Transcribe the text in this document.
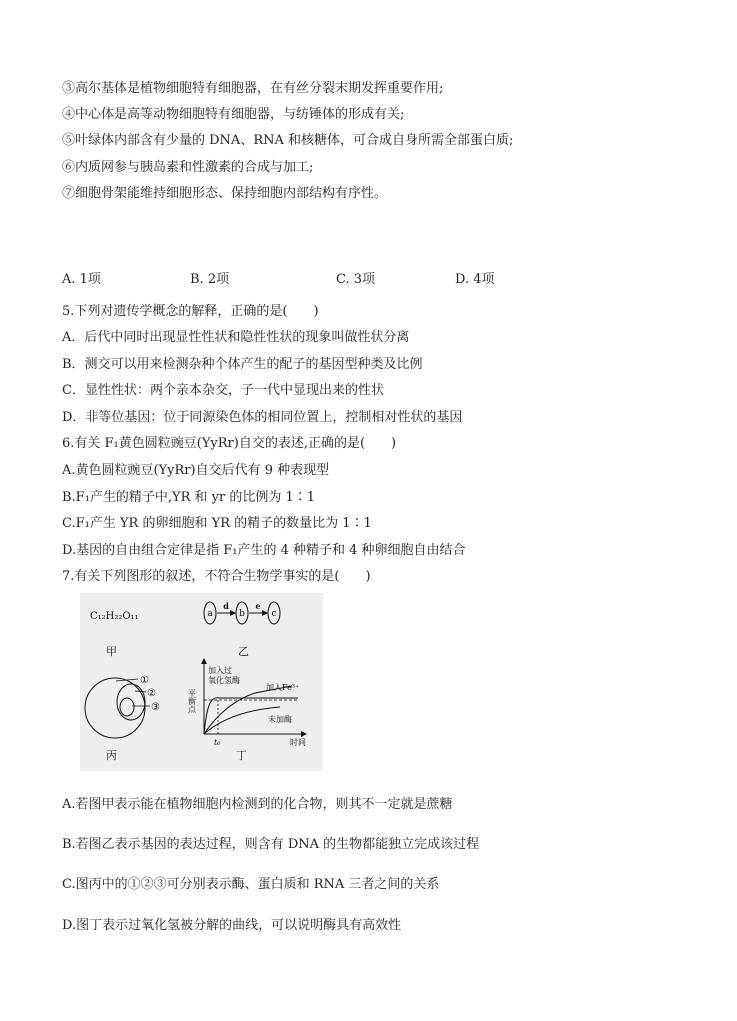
③高尔基体是植物细胞特有细胞器，在有丝分裂末期发挥重要作用;
④中心体是高等动物细胞特有细胞器，与纺锤体的形成有关;
⑤叶绿体内部含有少量的 DNA、RNA 和核糖体，可合成自身所需全部蛋白质;
⑥内质网参与胰岛素和性激素的合成与加工;
⑦细胞骨架能维持细胞形态、保持细胞内部结构有序性。
A. 1项	B. 2项	C. 3项	D. 4项
5.下列对遗传学概念的解释，正确的是(　　)
A．后代中同时出现显性性状和隐性性状的现象叫做性状分离
B．测交可以用来检测杂种个体产生的配子的基因型种类及比例
C．显性性状：两个亲本杂交，子一代中显现出来的性状
D．非等位基因：位于同源染色体的相同位置上，控制相对性状的基因
6.有关 F₁黄色圆粒豌豆(YyRr)自交的表述,正确的是(　　)
A.黄色圆粒豌豆(YyRr)自交后代有 9 种表现型
B.F₁产生的精子中,YR 和 yr 的比例为 1∶1
C.F₁产生 YR 的卵细胞和 YR 的精子的数量比为 1∶1
D.基因的自由组合定律是指 F₁产生的 4 种精子和 4 种卵细胞自由结合
7.有关下列图形的叙述，不符合生物学事实的是(　　)
C₁₂H₂₂O₁₁
甲
a	b	c
d	e
乙
①
②
③
丙
平衡点
加入过
氧化氢酶
加入Fe³⁺
未加酶
t₀	时间
丁
A.若图甲表示能在植物细胞内检测到的化合物，则其不一定就是蔗糖
B.若图乙表示基因的表达过程，则含有 DNA 的生物都能独立完成该过程
C.图丙中的①②③可分别表示酶、蛋白质和 RNA 三者之间的关系
D.图丁表示过氧化氢被分解的曲线，可以说明酶具有高效性
